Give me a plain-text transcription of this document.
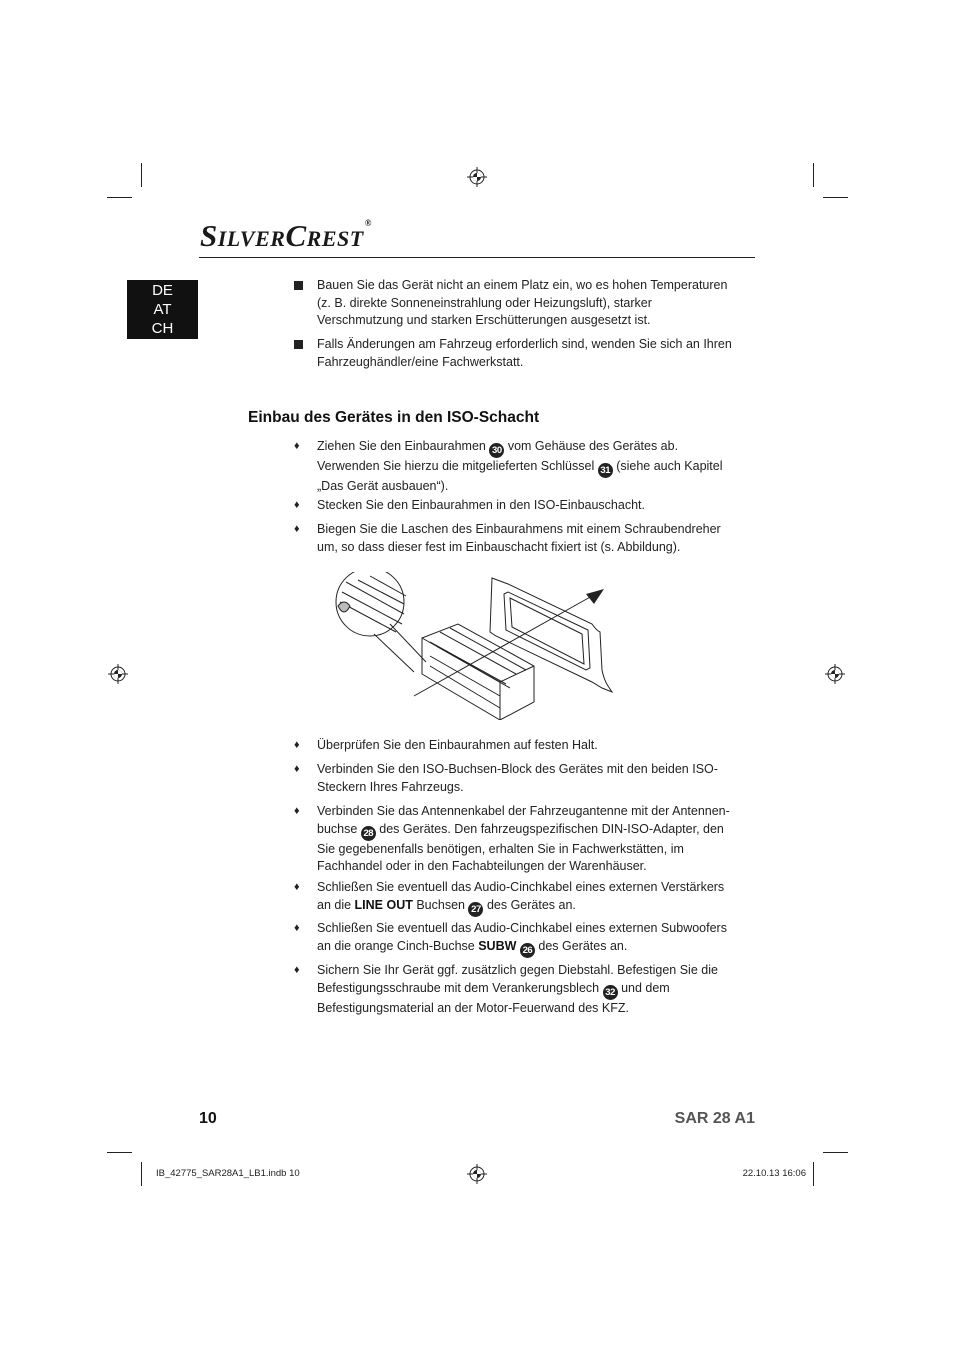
SILVERCREST®
DE
AT
CH
Bauen Sie das Gerät nicht an einem Platz ein, wo es hohen Temperaturen (z. B. direkte Sonneneinstrahlung oder Heizungsluft), starker Verschmutzung und starken Erschütterungen ausgesetzt ist.
Falls Änderungen am Fahrzeug erforderlich sind, wenden Sie sich an Ihren Fahrzeughändler/eine Fachwerkstatt.
Einbau des Gerätes in den ISO-Schacht
♦ Ziehen Sie den Einbaurahmen 30 vom Gehäuse des Gerätes ab. Verwenden Sie hierzu die mitgelieferten Schlüssel 31 (siehe auch Kapitel „Das Gerät ausbauen“).
♦ Stecken Sie den Einbaurahmen in den ISO-Einbauschacht.
♦ Biegen Sie die Laschen des Einbaurahmens mit einem Schraubendreher um, so dass dieser fest im Einbauschacht fixiert ist (s. Abbildung).
♦ Überprüfen Sie den Einbaurahmen auf festen Halt.
♦ Verbinden Sie den ISO-Buchsen-Block des Gerätes mit den beiden ISO-Steckern Ihres Fahrzeugs.
♦ Verbinden Sie das Antennenkabel der Fahrzeugantenne mit der Antennenbuchse 28 des Gerätes. Den fahrzeugspezifischen DIN-ISO-Adapter, den Sie gegebenenfalls benötigen, erhalten Sie in Fachwerkstätten, im Fachhandel oder in den Fachabteilungen der Warenhäuser.
♦ Schließen Sie eventuell das Audio-Cinchkabel eines externen Verstärkers an die LINE OUT Buchsen 27 des Gerätes an.
♦ Schließen Sie eventuell das Audio-Cinchkabel eines externen Subwoofers an die orange Cinch-Buchse SUBW 26 des Gerätes an.
♦ Sichern Sie Ihr Gerät ggf. zusätzlich gegen Diebstahl. Befestigen Sie die Befestigungsschraube mit dem Verankerungsblech 32 und dem Befestigungsmaterial an der Motor-Feuerwand des KFZ.
10	SAR 28 A1
IB_42775_SAR28A1_LB1.indb 10	22.10.13 16:06
